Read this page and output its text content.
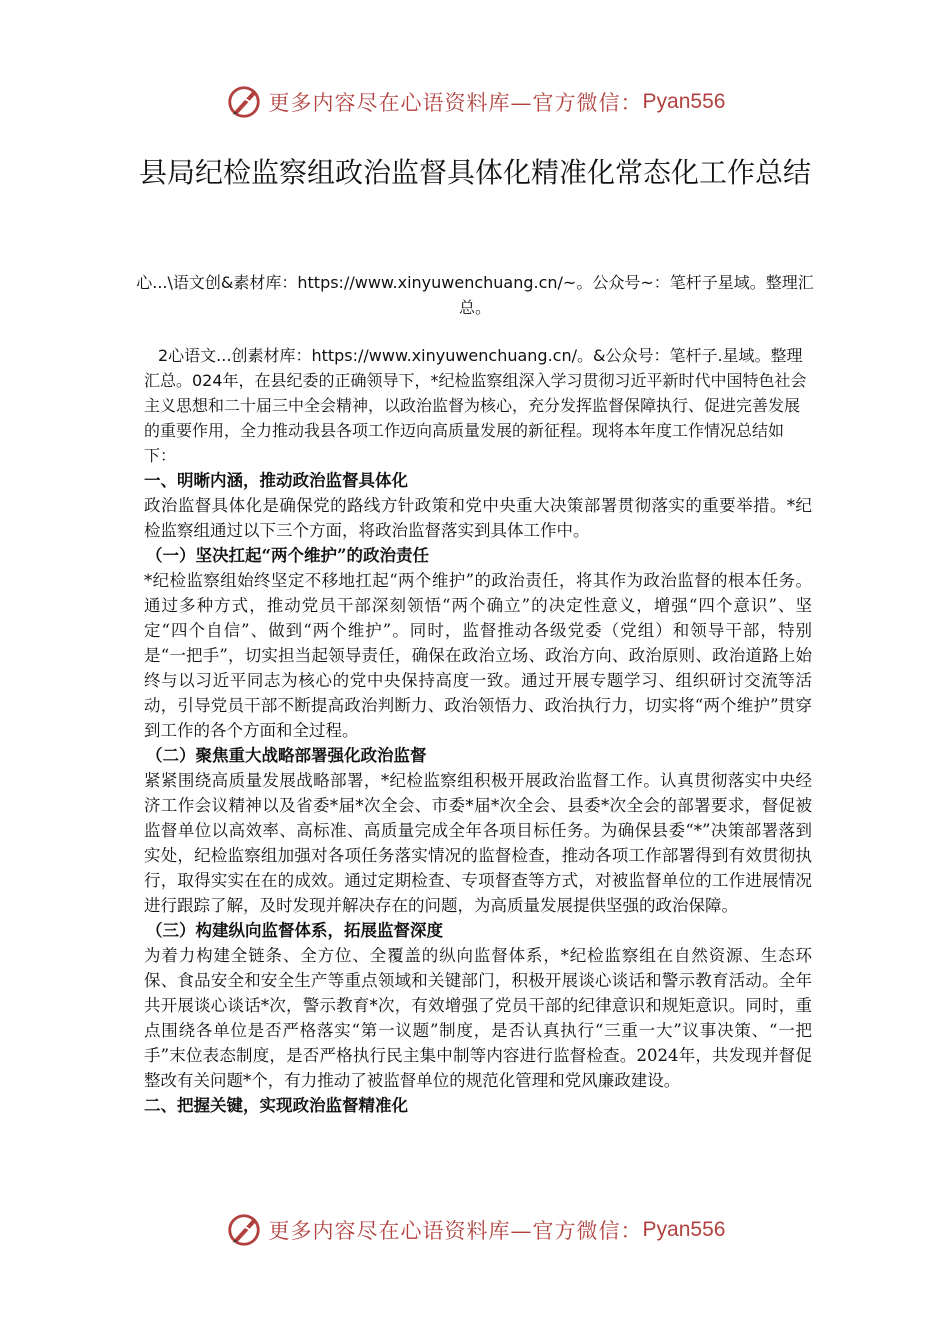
更多内容尽在心语资料库—官方微信： Pyan556
县局纪检监察组政治监督具体化精准化常态化工作总结
心...\语文创&素材库：https://www.xinyuwenchuang.cn/~。公众号~：笔杆子星域。整理汇总。

2心语文...创素材库：https://www.xinyuwenchuang.cn/。&公众号：笔杆子.星域。整理汇总。024年，在县纪委的正确领导下，*纪检监察组深入学习贯彻习近平新时代中国特色社会主义思想和二十届三中全会精神，以政治监督为核心，充分发挥监督保障执行、促进完善发展的重要作用，全力推动我县各项工作迈向高质量发展的新征程。现将本年度工作情况总结如下：

一、明晰内涵，推动政治监督具体化

政治监督具体化是确保党的路线方针政策和党中央重大决策部署贯彻落实的重要举措。*纪检监察组通过以下三个方面，将政治监督落实到具体工作中。

（一）坚决扛起“两个维护”的政治责任

*纪检监察组始终坚定不移地扛起“两个维护”的政治责任，将其作为政治监督的根本任务。通过多种方式，推动党员干部深刻领悟“两个确立”的决定性意义，增强“四个意识”、坚定“四个自信”、做到“两个维护”。同时，监督推动各级党委（党组）和领导干部，特别是“一把手”，切实担当起领导责任，确保在政治立场、政治方向、政治原则、政治道路上始终与以习近平同志为核心的党中央保持高度一致。通过开展专题学习、组织研讨交流等活动，引导党员干部不断提高政治判断力、政治领悟力、政治执行力，切实将“两个维护”贯穿到工作的各个方面和全过程。

（二）聚焦重大战略部署强化政治监督

紧紧围绕高质量发展战略部署，*纪检监察组积极开展政治监督工作。认真贯彻落实中央经济工作会议精神以及省委*届*次全会、市委*届*次全会、县委*次全会的部署要求，督促被监督单位以高效率、高标准、高质量完成全年各项目标任务。为确保县委“*”决策部署落到实处，纪检监察组加强对各项任务落实情况的监督检查，推动各项工作部署得到有效贯彻执行，取得实实在在的成效。通过定期检查、专项督查等方式，对被监督单位的工作进展情况进行跟踪了解，及时发现并解决存在的问题，为高质量发展提供坚强的政治保障。

（三）构建纵向监督体系，拓展监督深度

为着力构建全链条、全方位、全覆盖的纵向监督体系，*纪检监察组在自然资源、生态环保、食品安全和安全生产等重点领域和关键部门，积极开展谈心谈话和警示教育活动。全年共开展谈心谈话*次，警示教育*次，有效增强了党员干部的纪律意识和规矩意识。同时，重点围绕各单位是否严格落实“第一议题”制度，是否认真执行“三重一大”议事决策、“一把手”末位表态制度，是否严格执行民主集中制等内容进行监督检查。2024年，共发现并督促整改有关问题*个，有力推动了被监督单位的规范化管理和党风廉政建设。

二、把握关键，实现政治监督精准化

更多内容尽在心语资料库—官方微信： Pyan556
